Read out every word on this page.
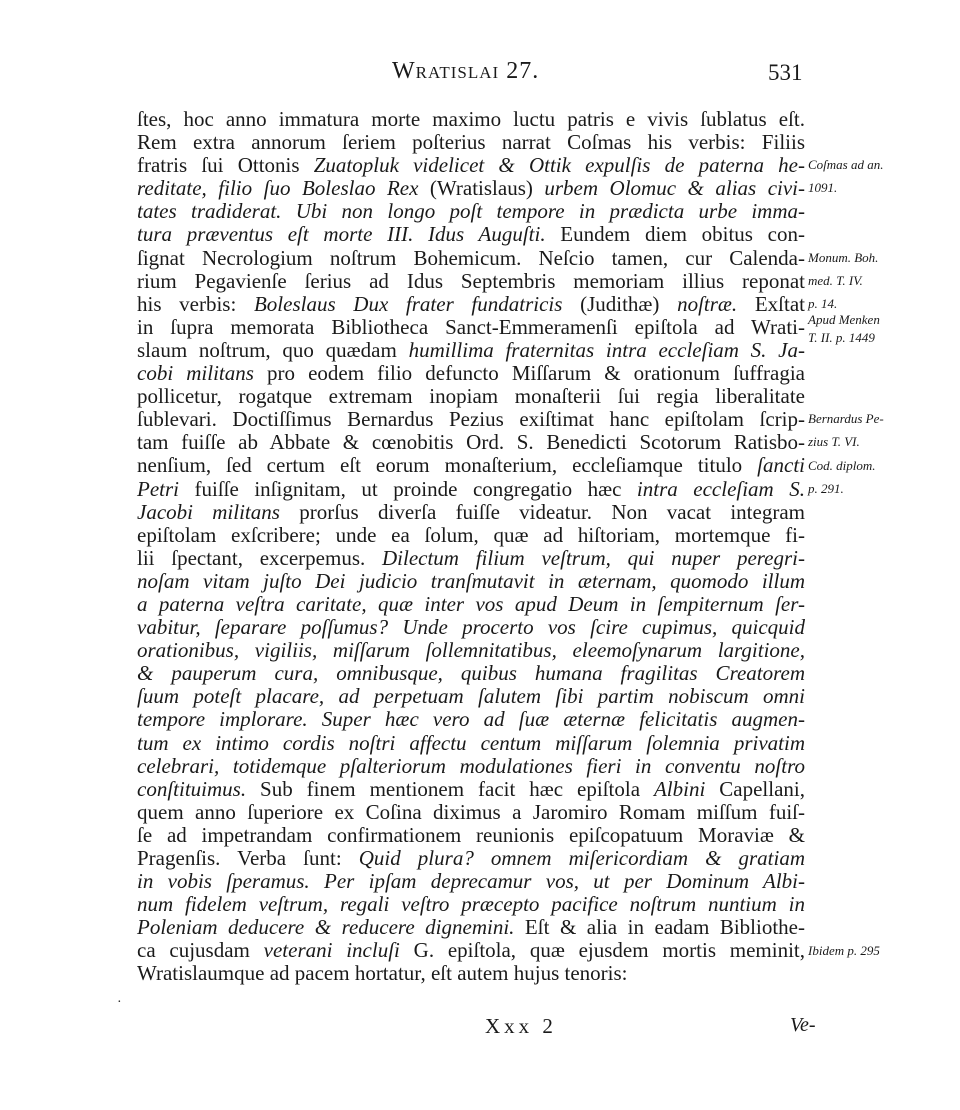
Wratislai 27.	531
ſtes, hoc anno immatura morte maximo luctu patris e vivis ſublatus eſt.
Rem extra annorum ſeriem poſterius narrat Coſmas his verbis: Filiis
fratris ſui Ottonis Zuatopluk videlicet & Ottik expulſis de paterna he-
reditate, filio ſuo Boleslao Rex (Wratislaus) urbem Olomuc & alias civi-
tates tradiderat. Ubi non longo poſt tempore in prædicta urbe imma-
tura præventus eſt morte III. Idus Auguſti. Eundem diem obitus con-
ſignat Necrologium noſtrum Bohemicum. Neſcio tamen, cur Calenda-
rium Pegavienſe ſerius ad Idus Septembris memoriam illius reponat
his verbis: Boleslaus Dux frater fundatricis (Judithæ) noſtræ. Exſtat
in ſupra memorata Bibliotheca Sanct-Emmeramenſi epiſtola ad Wrati-
slaum noſtrum, quo quædam humillima fraternitas intra eccleſiam S. Ja-
cobi militans pro eodem filio defuncto Miſſarum & orationum ſuffragia
pollicetur, rogatque extremam inopiam monaſterii ſui regia liberalitate
ſublevari. Doctiſſimus Bernardus Pezius exiſtimat hanc epiſtolam ſcrip-
tam fuiſſe ab Abbate & cœnobitis Ord. S. Benedicti Scotorum Ratisbo-
nenſium, ſed certum eſt eorum monaſterium, eccleſiamque titulo ſancti
Petri fuiſſe inſignitam, ut proinde congregatio hæc intra eccleſiam S.
Jacobi militans prorſus diverſa fuiſſe videatur. Non vacat integram
epiſtolam exſcribere; unde ea ſolum, quæ ad hiſtoriam, mortemque fi-
lii ſpectant, excerpemus. Dilectum filium veſtrum, qui nuper peregri-
noſam vitam juſto Dei judicio tranſmutavit in æternam, quomodo illum
a paterna veſtra caritate, quæ inter vos apud Deum in ſempiternum ſer-
vabitur, ſeparare poſſumus? Unde procerto vos ſcire cupimus, quicquid
orationibus, vigiliis, miſſarum ſollemnitatibus, eleemoſynarum largitione,
& pauperum cura, omnibusque, quibus humana fragilitas Creatorem
ſuum poteſt placare, ad perpetuam ſalutem ſibi partim nobiscum omni
tempore implorare. Super hæc vero ad ſuæ æternæ felicitatis augmen-
tum ex intimo cordis noſtri affectu centum miſſarum ſolemnia privatim
celebrari, totidemque pſalteriorum modulationes fieri in conventu noſtro
conſtituimus. Sub finem mentionem facit hæc epiſtola Albini Capellani,
quem anno ſuperiore ex Coſina diximus a Jaromiro Romam miſſum fuiſ-
ſe ad impetrandam confirmationem reunionis epiſcopatuum Moraviæ &
Pragenſis. Verba ſunt: Quid plura? omnem miſericordiam & gratiam
in vobis ſperamus. Per ipſam deprecamur vos, ut per Dominum Albi-
num fidelem veſtrum, regali veſtro præcepto pacifice noſtrum nuntium in
Poleniam deducere & reducere dignemini. Eſt & alia in eadam Bibliothe-
ca cujusdam veterani incluſi G. epiſtola, quæ ejusdem mortis meminit,
Wratislaumque ad pacem hortatur, eſt autem hujus tenoris:
Coſmas ad an.
1091.
Monum. Boh.
med. T. IV.
p. 14.
Apud Menken
T. II. p. 1449
Bernardus Pe-
zius T. VI.
Cod. diplom.
p. 291.
Ibidem p. 295
·
Xxx 2	Ve-
